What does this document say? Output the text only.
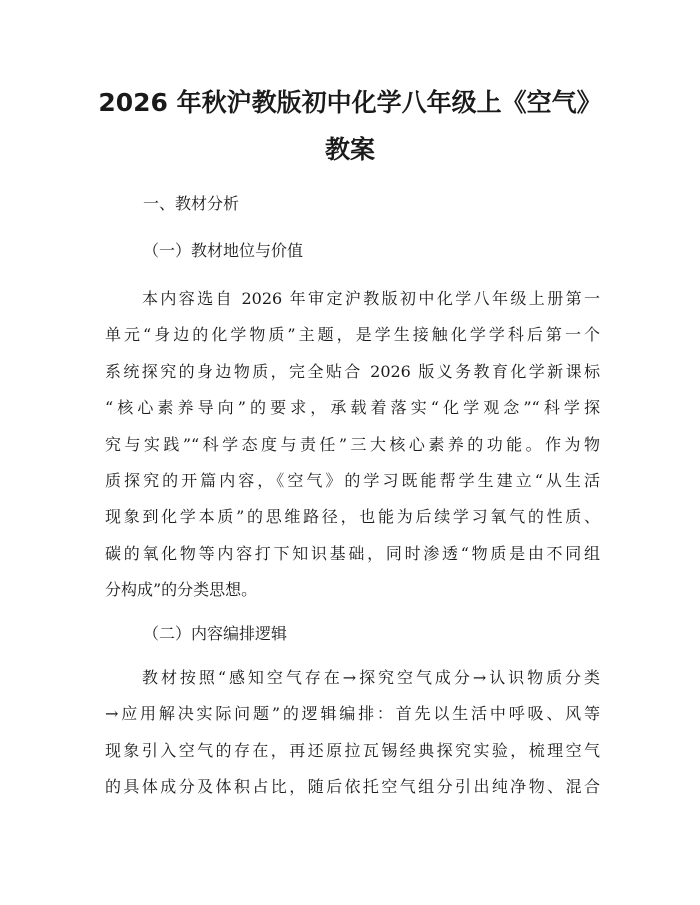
2026 年秋沪教版初中化学八年级上《空气》
教案

一、教材分析

（一）教材地位与价值

本内容选自 2026 年审定沪教版初中化学八年级上册第一
单元“身边的化学物质”主题，是学生接触化学学科后第一个
系统探究的身边物质，完全贴合 2026 版义务教育化学新课标
“核心素养导向”的要求，承载着落实“化学观念”“科学探
究与实践”“科学态度与责任”三大核心素养的功能。作为物
质探究的开篇内容，《空气》的学习既能帮学生建立“从生活
现象到化学本质”的思维路径，也能为后续学习氧气的性质、
碳的氧化物等内容打下知识基础，同时渗透“物质是由不同组
分构成”的分类思想。

（二）内容编排逻辑

教材按照“感知空气存在→探究空气成分→认识物质分类
→应用解决实际问题”的逻辑编排：首先以生活中呼吸、风等
现象引入空气的存在，再还原拉瓦锡经典探究实验，梳理空气
的具体成分及体积占比，随后依托空气组分引出纯净物、混合
